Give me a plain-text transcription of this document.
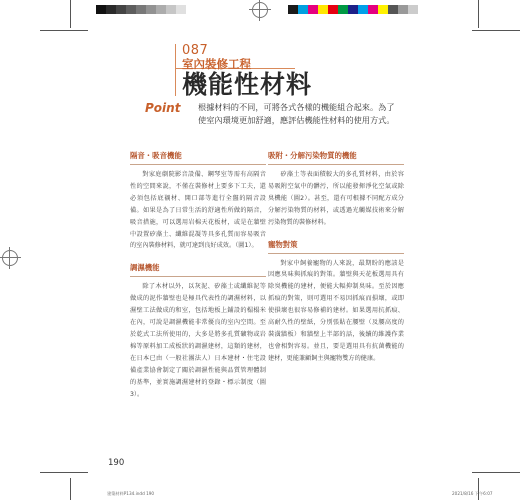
087
室內裝修工程
機能性材料
Point 根據材料的不同，可將各式各樣的機能組合起來。為了使室內環境更加舒適，應評估機能性材料的使用方式。
隔音・吸音機能

對家庭劇院影音設備、鋼琴室等需有高隔音性的空間來說，不僅在裝修材上要多下工夫，還必須包括底襯材、開口部等進行全盤的隔音設備。如果是為了日常生活的舒適性所做的隔音，吸音措施，可以選用岩棉天花板材，或是在牆壁中設置矽藻土、纖維混凝等具多孔質而容易吸音的室內裝修材料，就可達到良好成效。（圖1）。

調濕機能

除了木材以外，以灰泥、矽藻土或纖維泥等做成的泥作牆壁也是極具代表性的調濕材料，以濕壁工法做成的和室，包括地板上鋪設的榻榻米在內，可說是調濕機能非常優良的室內空間。至於乾式工法所使用的，大多是將多孔質礦物或岩棉等原料加工成板狀的調濕建材，這類的建材，在日本已由（一般社團法人）日本建材・住宅設備產業協會制定了關於調濕性能與品質管理體制的基準，並實施調濕建材的登錄・標示制度（圖3）。

吸附・分解污染物質的機能

矽藻土等表面積較大的多孔質材料，由於容易吸附空氣中的髒污，所以能發揮淨化空氣或除臭機能（圖2）。甚至，還有可根據不同配方成分分解污染物質的材料，或透過光觸媒技術來分解污染物質的裝修材料。

寵物對策

對家中飼養寵物的人來說，最期盼的應該是因應臭味與抓痕的對策。牆壁與天花板選用具有除臭機能的建材，便能大幅抑制臭味。至於因應抓痕的對策，則可選用不易因抓痕而損壞，或即使損壞也很容易修補的建材。如果選用抗抓痕、高耐久性的壁紙，分別張貼在腰壁（及腰高度的裝潢牆板）和牆壁上半部的話，後續的維護作業也會相對容易。並且，要是選用具有抗菌機能的建材，更能兼顧飼主與寵物雙方的健康。

190
建築材料P134.indd 190	2021/8/16 下午6:07
